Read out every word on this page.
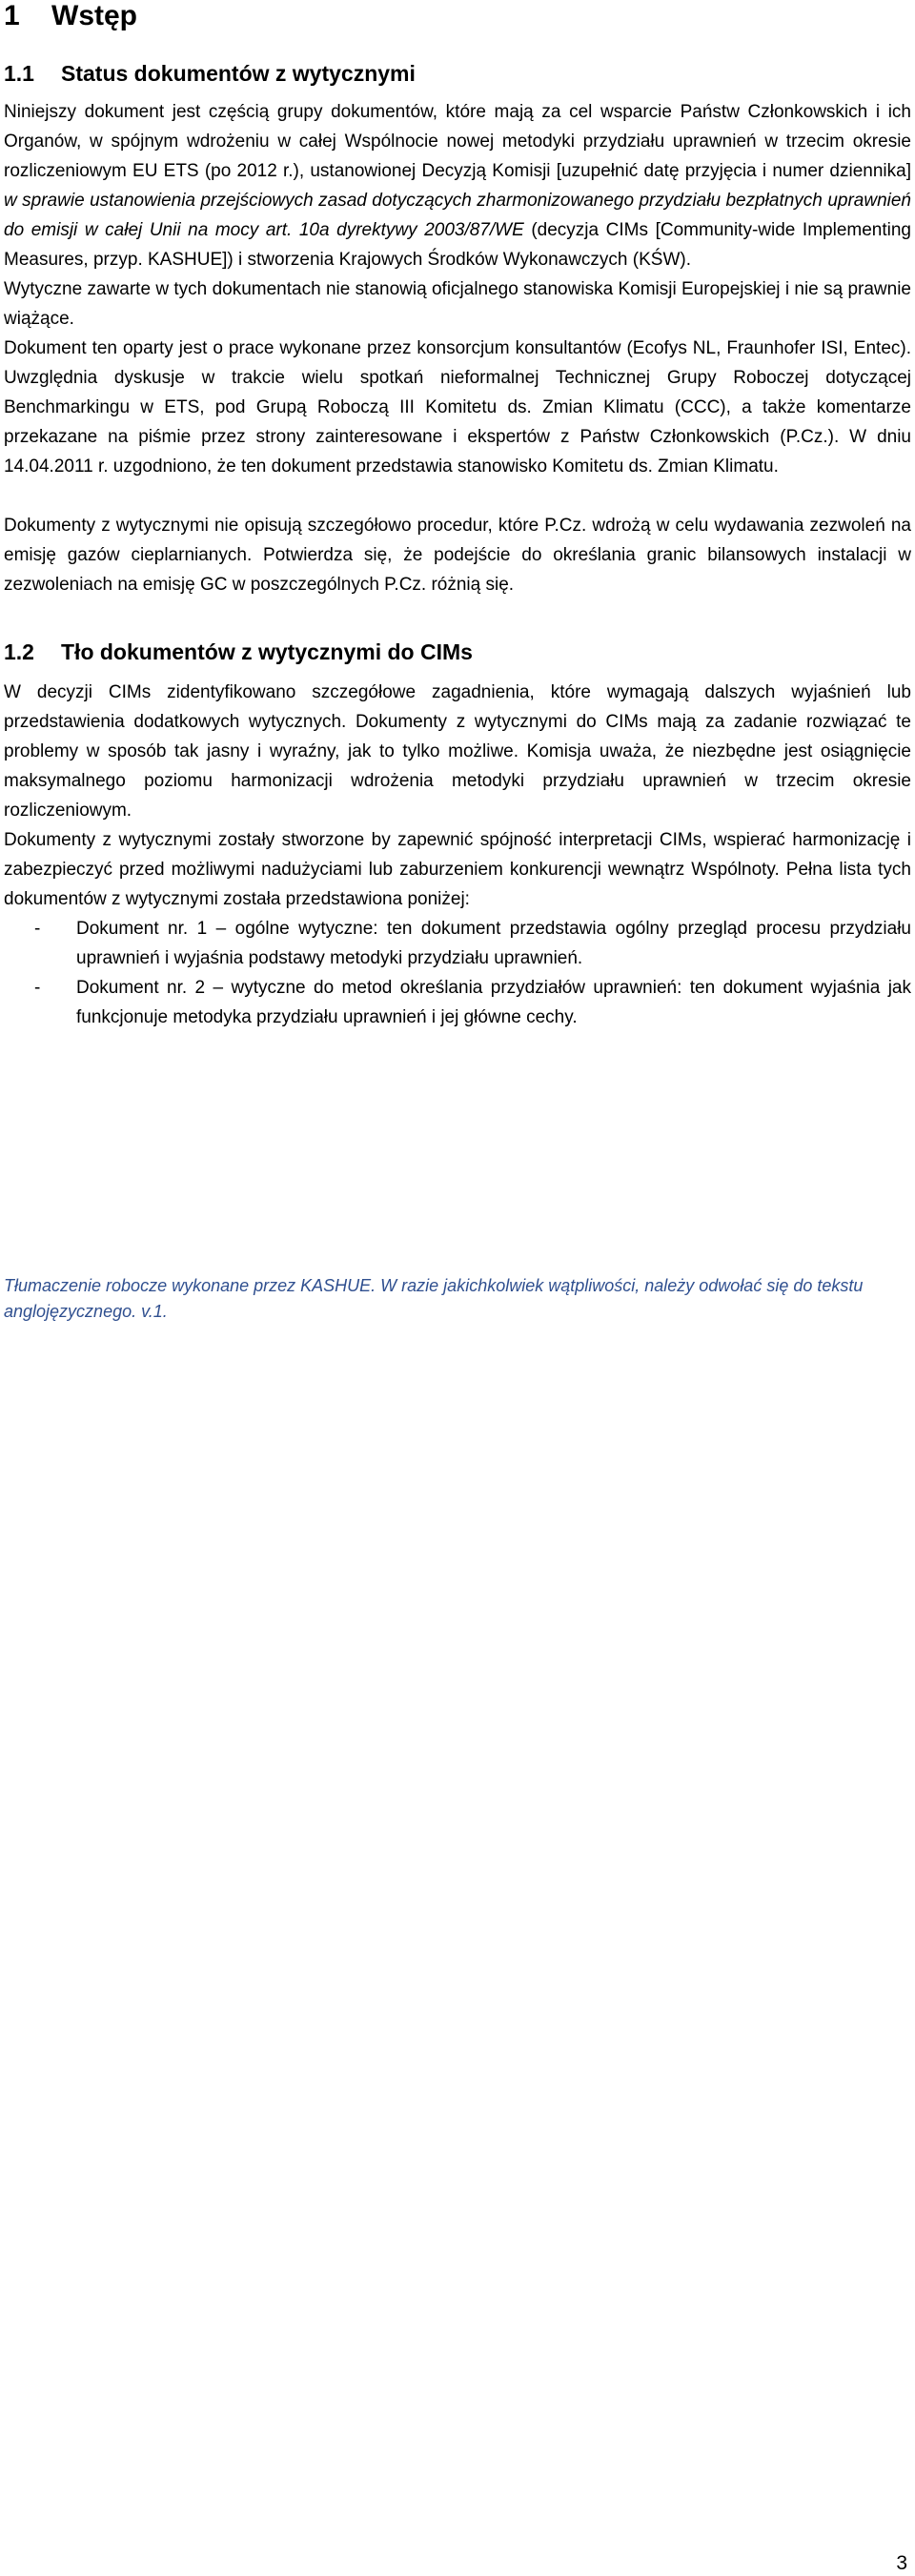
1 Wstęp
1.1 Status dokumentów z wytycznymi

Niniejszy dokument jest częścią grupy dokumentów, które mają za cel wsparcie Państw Członkowskich i ich Organów, w spójnym wdrożeniu w całej Wspólnocie nowej metodyki przydziału uprawnień w trzecim okresie rozliczeniowym EU ETS (po 2012 r.), ustanowionej Decyzją Komisji [uzupełnić datę przyjęcia i numer dziennika] w sprawie ustanowienia przejściowych zasad dotyczących zharmonizowanego przydziału bezpłatnych uprawnień do emisji w całej Unii na mocy art. 10a dyrektywy 2003/87/WE (decyzja CIMs [Community-wide Implementing Measures, przyp. KASHUE]) i stworzenia Krajowych Środków Wykonawczych (KŚW).

Wytyczne zawarte w tych dokumentach nie stanowią oficjalnego stanowiska Komisji Europejskiej i nie są prawnie wiążące.

Dokument ten oparty jest o prace wykonane przez konsorcjum konsultantów (Ecofys NL, Fraunhofer ISI, Entec). Uwzględnia dyskusje w trakcie wielu spotkań nieformalnej Technicznej Grupy Roboczej dotyczącej Benchmarkingu w ETS, pod Grupą Roboczą III Komitetu ds. Zmian Klimatu (CCC), a także komentarze przekazane na piśmie przez strony zainteresowane i ekspertów z Państw Członkowskich (P.Cz.). W dniu 14.04.2011 r. uzgodniono, że ten dokument przedstawia stanowisko Komitetu ds. Zmian Klimatu.

Dokumenty z wytycznymi nie opisują szczegółowo procedur, które P.Cz. wdrożą w celu wydawania zezwoleń na emisję gazów cieplarnianych. Potwierdza się, że podejście do określania granic bilansowych instalacji w zezwoleniach na emisję GC w poszczególnych P.Cz. różnią się.

1.2 Tło dokumentów z wytycznymi do CIMs

W decyzji CIMs zidentyfikowano szczegółowe zagadnienia, które wymagają dalszych wyjaśnień lub przedstawienia dodatkowych wytycznych. Dokumenty z wytycznymi do CIMs mają za zadanie rozwiązać te problemy w sposób tak jasny i wyraźny, jak to tylko możliwe. Komisja uważa, że niezbędne jest osiągnięcie maksymalnego poziomu harmonizacji wdrożenia metodyki przydziału uprawnień w trzecim okresie rozliczeniowym.

Dokumenty z wytycznymi zostały stworzone by zapewnić spójność interpretacji CIMs, wspierać harmonizację i zabezpieczyć przed możliwymi nadużyciami lub zaburzeniem konkurencji wewnątrz Wspólnoty. Pełna lista tych dokumentów z wytycznymi została przedstawiona poniżej:

- Dokument nr. 1 – ogólne wytyczne: ten dokument przedstawia ogólny przegląd procesu przydziału uprawnień i wyjaśnia podstawy metodyki przydziału uprawnień.
- Dokument nr. 2 – wytyczne do metod określania przydziałów uprawnień: ten dokument wyjaśnia jak funkcjonuje metodyka przydziału uprawnień i jej główne cechy.
Tłumaczenie robocze wykonane przez KASHUE. W razie jakichkolwiek wątpliwości, należy odwołać się do tekstu anglojęzycznego. v.1.
3
